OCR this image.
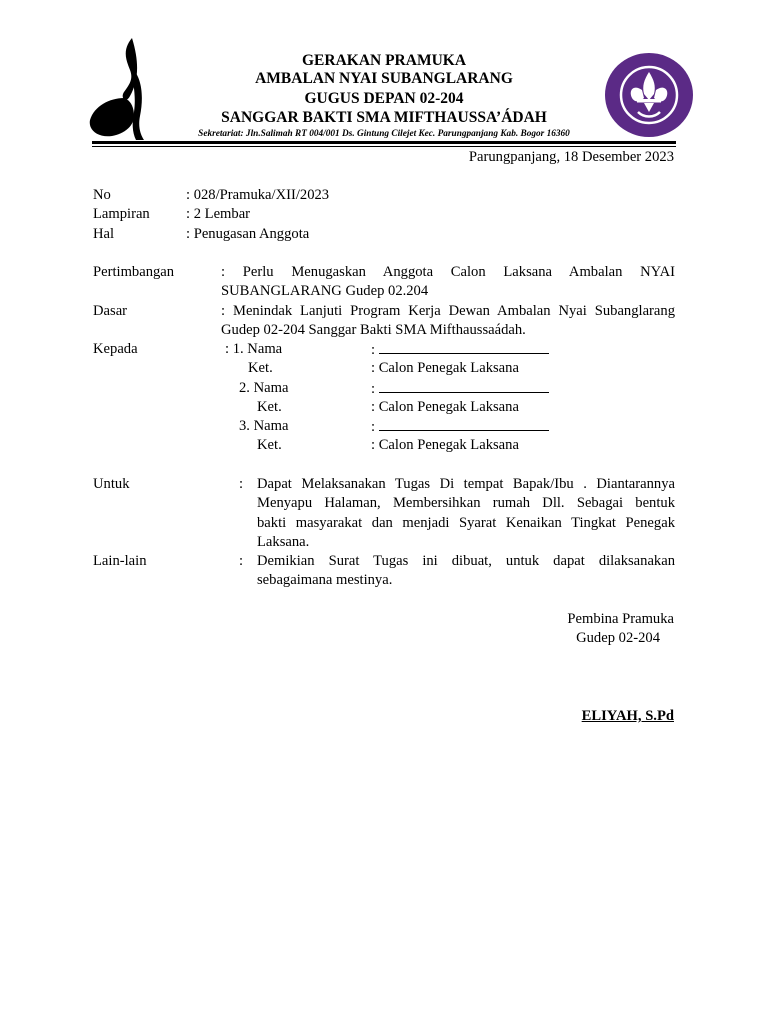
GERAKAN PRAMUKA
AMBALAN NYAI SUBANGLARANG
GUGUS DEPAN 02-204
SANGGAR BAKTI SMA MIFTHAUSSA’ÁDAH
Sekretariat: Jln.Salimah RT 004/001 Ds. Gintung Cilejet Kec. Parungpanjang Kab. Bogor 16360
Parungpanjang, 18 Desember 2023
No	: 028/Pramuka/XII/2023
Lampiran : 2 Lembar
Hal	: Penugasan Anggota
Pertimbangan	: Perlu Menugaskan Anggota Calon Laksana Ambalan NYAI
SUBANGLARANG Gudep 02.204
Dasar	: Menindak Lanjuti Program Kerja Dewan Ambalan Nyai Subanglarang
Gudep 02-204 Sanggar Bakti SMA Mifthaussaádah.
Kepada	: 1. Nama	:
Ket.	: Calon Penegak Laksana
2. Nama	:
Ket.	: Calon Penegak Laksana
3. Nama	:
Ket.	: Calon Penegak Laksana
Untuk	: Dapat Melaksanakan Tugas Di tempat Bapak/Ibu . Diantarannya
Menyapu Halaman, Membersihkan rumah Dll. Sebagai bentuk
bakti masyarakat dan menjadi Syarat Kenaikan Tingkat Penegak
Laksana.
Lain-lain	: Demikian Surat Tugas ini dibuat, untuk dapat dilaksanakan
sebagaimana mestinya.
Pembina Pramuka
Gudep 02-204
ELIYAH, S.Pd
